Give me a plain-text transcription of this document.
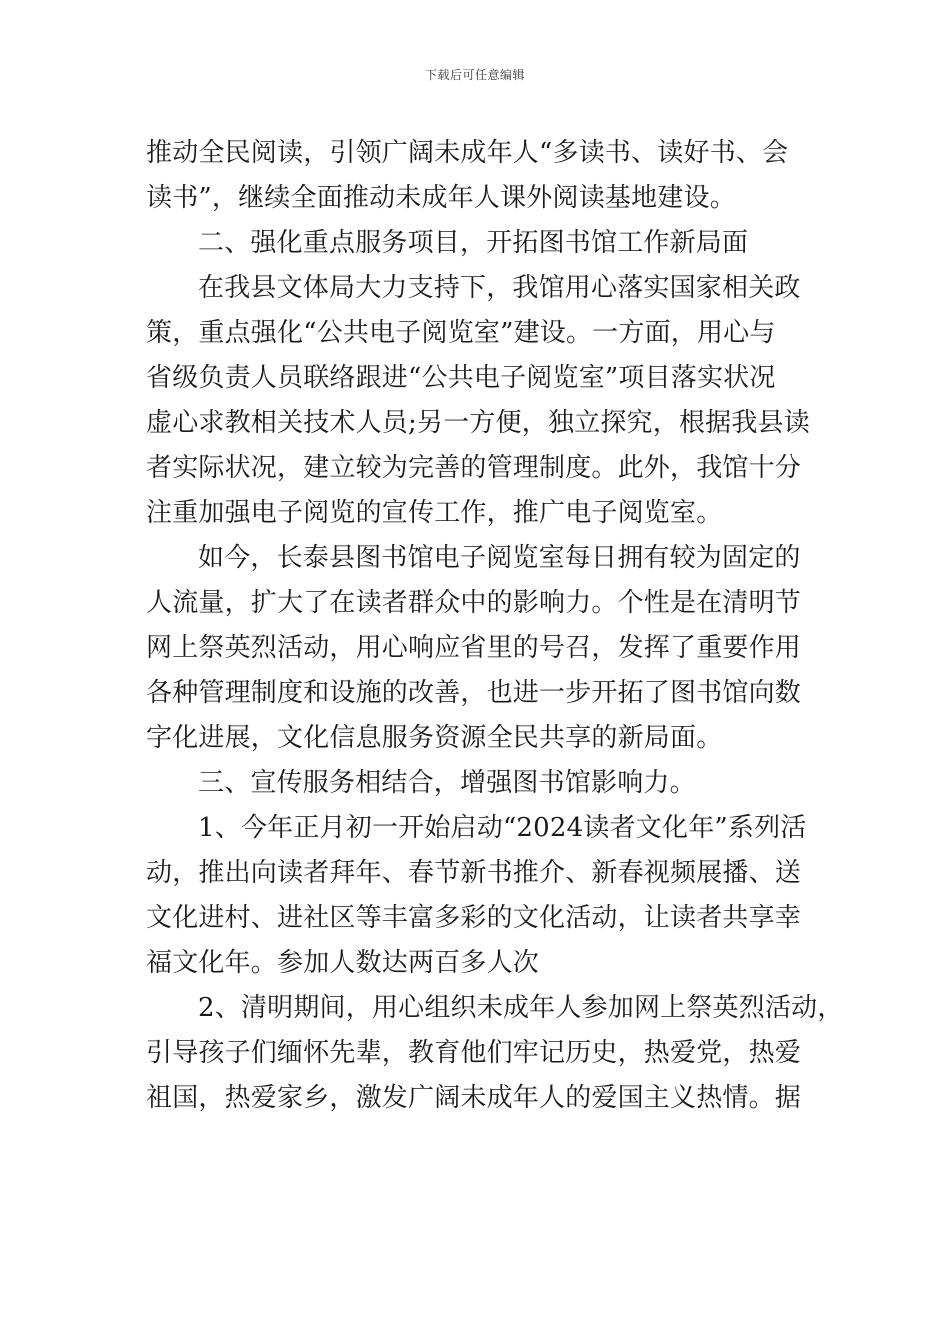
下载后可任意编辑
推动全民阅读，引领广阔未成年人“多读书、读好书、会
读书”，继续全面推动未成年人课外阅读基地建设。
二、强化重点服务项目，开拓图书馆工作新局面
在我县文体局大力支持下，我馆用心落实国家相关政
策，重点强化“公共电子阅览室”建设。一方面，用心与
省级负责人员联络跟进“公共电子阅览室”项目落实状况
虚心求教相关技术人员;另一方便，独立探究，根据我县读
者实际状况，建立较为完善的管理制度。此外，我馆十分
注重加强电子阅览的宣传工作，推广电子阅览室。
如今，长泰县图书馆电子阅览室每日拥有较为固定的
人流量，扩大了在读者群众中的影响力。个性是在清明节
网上祭英烈活动，用心响应省里的号召，发挥了重要作用
各种管理制度和设施的改善，也进一步开拓了图书馆向数
字化进展，文化信息服务资源全民共享的新局面。
三、宣传服务相结合，增强图书馆影响力。
1、今年正月初一开始启动“2024读者文化年”系列活
动，推出向读者拜年、春节新书推介、新春视频展播、送
文化进村、进社区等丰富多彩的文化活动，让读者共享幸
福文化年。参加人数达两百多人次
2、清明期间，用心组织未成年人参加网上祭英烈活动，
引导孩子们缅怀先辈，教育他们牢记历史，热爱党，热爱
祖国，热爱家乡，激发广阔未成年人的爱国主义热情。据
